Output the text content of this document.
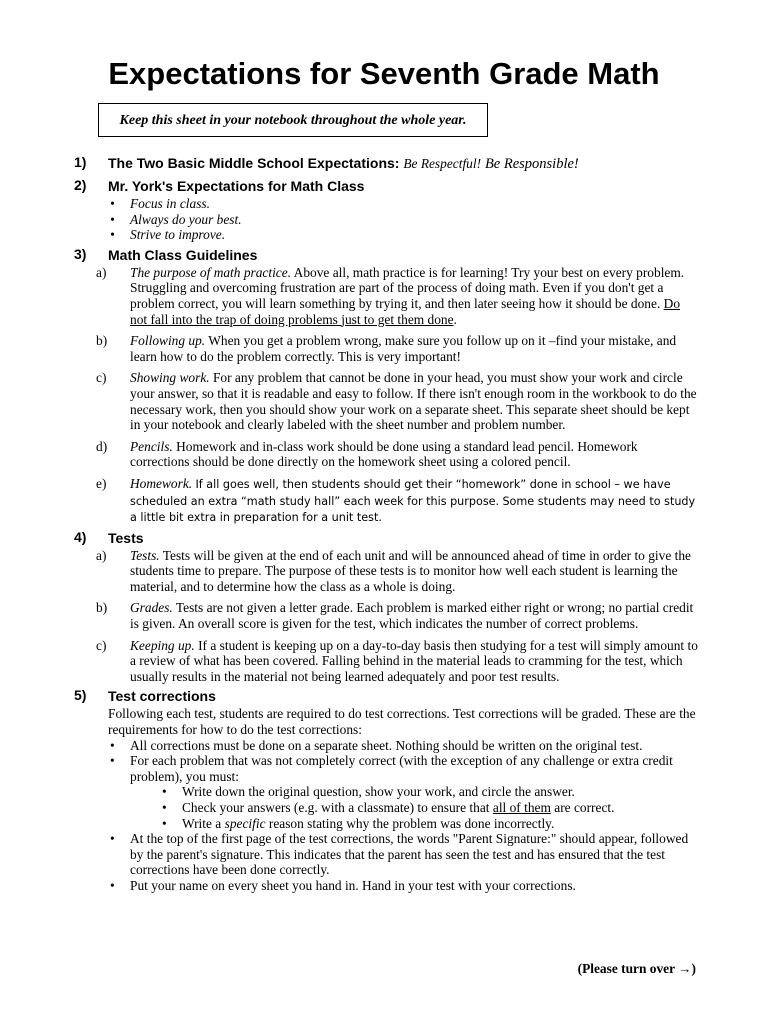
Expectations for Seventh Grade Math
Keep this sheet in your notebook throughout the whole year.
1) The Two Basic Middle School Expectations: Be Respectful! Be Responsible!
2) Mr. York's Expectations for Math Class
• Focus in class.
• Always do your best.
• Strive to improve.
3) Math Class Guidelines
a) The purpose of math practice. Above all, math practice is for learning! Try your best on every problem. Struggling and overcoming frustration are part of the process of doing math. Even if you don't get a problem correct, you will learn something by trying it, and then later seeing how it should be done. Do not fall into the trap of doing problems just to get them done.
b) Following up. When you get a problem wrong, make sure you follow up on it –find your mistake, and learn how to do the problem correctly. This is very important!
c) Showing work. For any problem that cannot be done in your head, you must show your work and circle your answer, so that it is readable and easy to follow. If there isn't enough room in the workbook to do the necessary work, then you should show your work on a separate sheet. This separate sheet should be kept in your notebook and clearly labeled with the sheet number and problem number.
d) Pencils. Homework and in-class work should be done using a standard lead pencil. Homework corrections should be done directly on the homework sheet using a colored pencil.
e) Homework. If all goes well, then students should get their “homework” done in school – we have scheduled an extra “math study hall” each week for this purpose. Some students may need to study a little bit extra in preparation for a unit test.
4) Tests
a) Tests. Tests will be given at the end of each unit and will be announced ahead of time in order to give the students time to prepare. The purpose of these tests is to monitor how well each student is learning the material, and to determine how the class as a whole is doing.
b) Grades. Tests are not given a letter grade. Each problem is marked either right or wrong; no partial credit is given. An overall score is given for the test, which indicates the number of correct problems.
c) Keeping up. If a student is keeping up on a day-to-day basis then studying for a test will simply amount to a review of what has been covered. Falling behind in the material leads to cramming for the test, which usually results in the material not being learned adequately and poor test results.
5) Test corrections
Following each test, students are required to do test corrections. Test corrections will be graded. These are the requirements for how to do the test corrections:
• All corrections must be done on a separate sheet. Nothing should be written on the original test.
• For each problem that was not completely correct (with the exception of any challenge or extra credit problem), you must:
• Write down the original question, show your work, and circle the answer.
• Check your answers (e.g. with a classmate) to ensure that all of them are correct.
• Write a specific reason stating why the problem was done incorrectly.
• At the top of the first page of the test corrections, the words "Parent Signature:" should appear, followed by the parent's signature. This indicates that the parent has seen the test and has ensured that the test corrections have been done correctly.
• Put your name on every sheet you hand in. Hand in your test with your corrections.
(Please turn over →)
